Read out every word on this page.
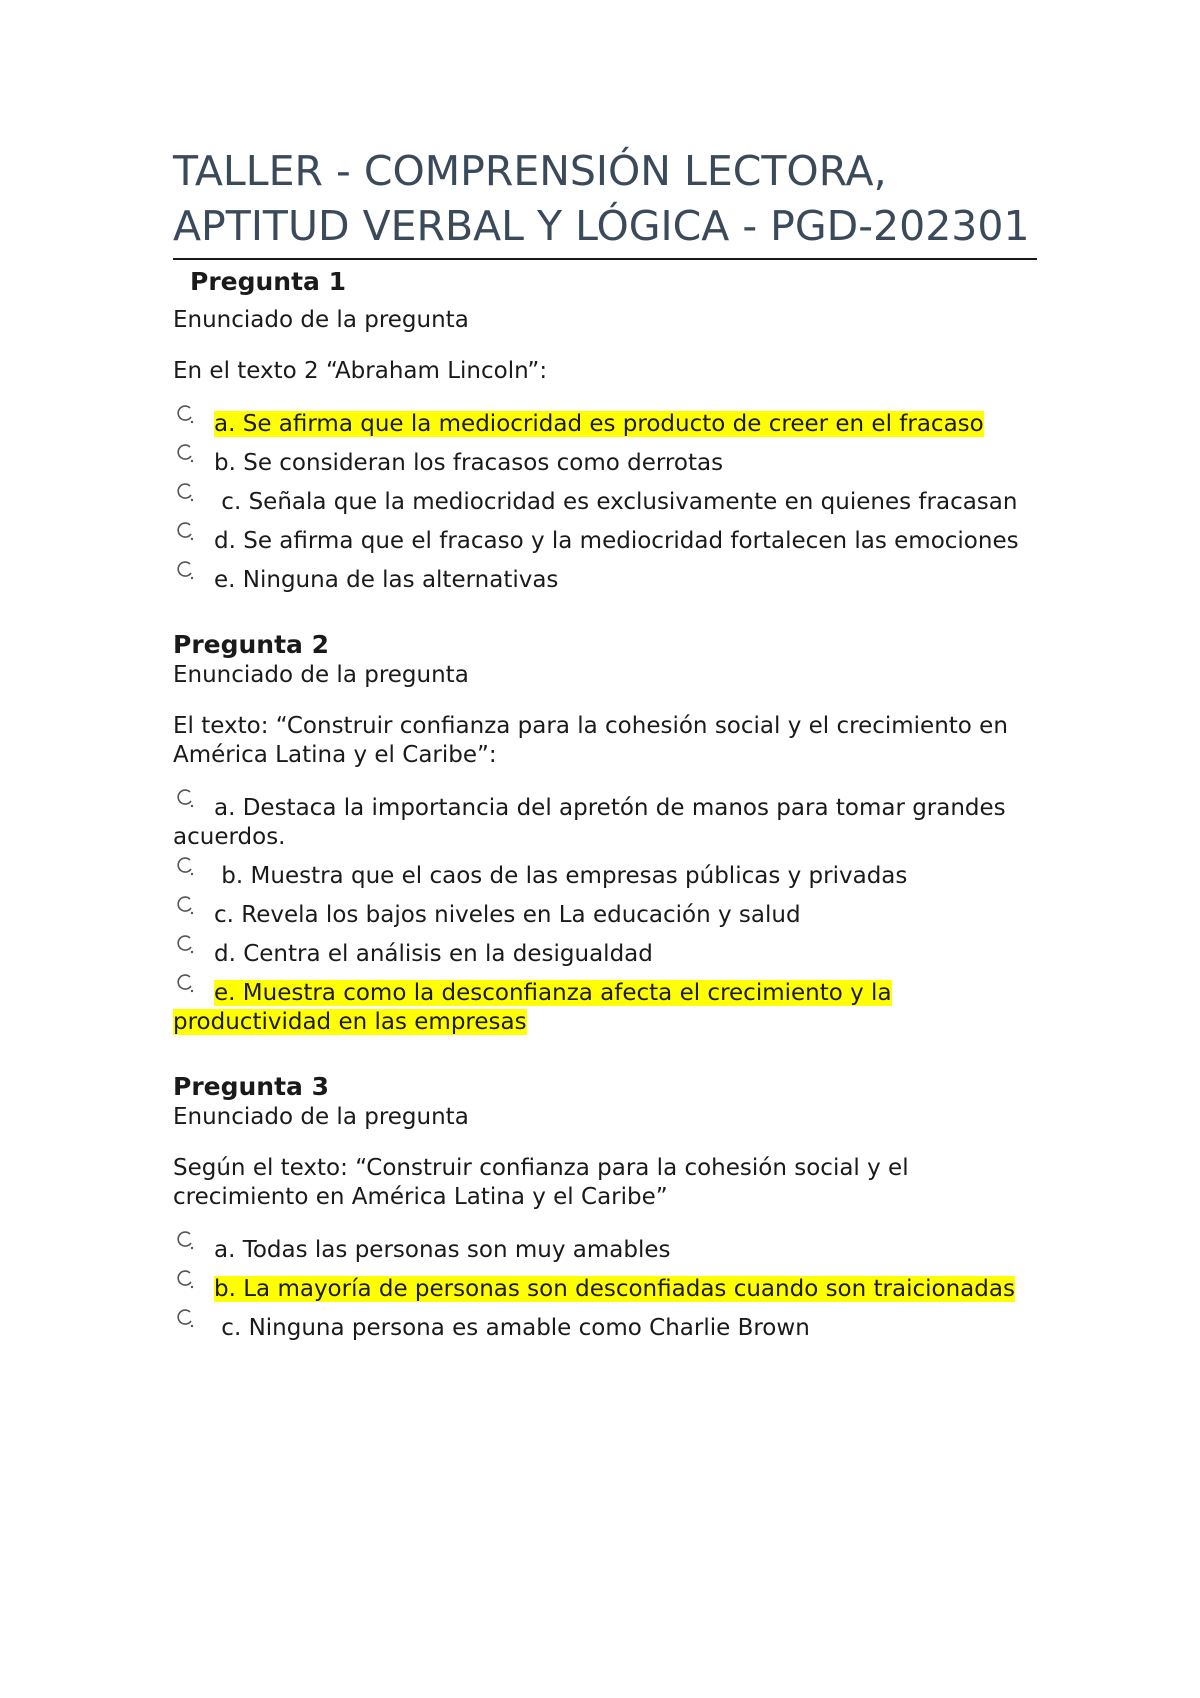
TALLER - COMPRENSIÓN LECTORA, APTITUD VERBAL Y LÓGICA - PGD-202301

Pregunta 1

Enunciado de la pregunta

En el texto 2 “Abraham Lincoln”:

a. Se afirma que la mediocridad es producto de creer en el fracaso
b. Se consideran los fracasos como derrotas
c. Señala que la mediocridad es exclusivamente en quienes fracasan
d. Se afirma que el fracaso y la mediocridad fortalecen las emociones
e. Ninguna de las alternativas

Pregunta 2

Enunciado de la pregunta

El texto: “Construir confianza para la cohesión social y el crecimiento en América Latina y el Caribe”:

a. Destaca la importancia del apretón de manos para tomar grandes acuerdos.
b. Muestra que el caos de las empresas públicas y privadas
c. Revela los bajos niveles en La educación y salud
d. Centra el análisis en la desigualdad
e. Muestra como la desconfianza afecta el crecimiento y la productividad en las empresas

Pregunta 3

Enunciado de la pregunta

Según el texto: “Construir confianza para la cohesión social y el crecimiento en América Latina y el Caribe”

a. Todas las personas son muy amables
b. La mayoría de personas son desconfiadas cuando son traicionadas
c. Ninguna persona es amable como Charlie Brown
